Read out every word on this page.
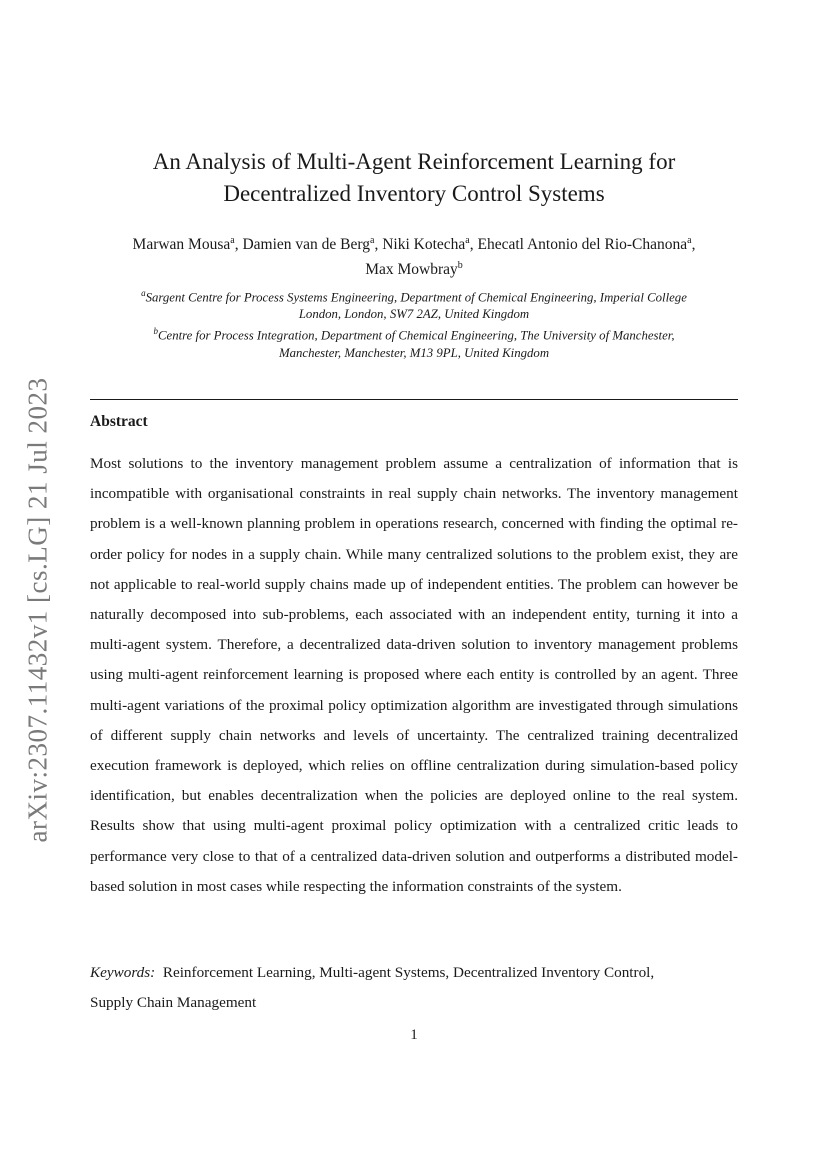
arXiv:2307.11432v1 [cs.LG] 21 Jul 2023
An Analysis of Multi-Agent Reinforcement Learning for
Decentralized Inventory Control Systems
Marwan Mousa$^a$, Damien van de Berg$^a$, Niki Kotecha$^a$, Ehecatl Antonio del Rio-Chanona$^a$,
Max Mowbray$^b$
$^a$Sargent Centre for Process Systems Engineering, Department of Chemical Engineering, Imperial College
London, London, SW7 2AZ, United Kingdom
$^b$Centre for Process Integration, Department of Chemical Engineering, The University of Manchester,
Manchester, Manchester, M13 9PL, United Kingdom
Abstract

Most solutions to the inventory management problem assume a centralization of information that is incompatible with organisational constraints in real supply chain networks. The inventory management problem is a well-known planning problem in operations research, concerned with finding the optimal re-order policy for nodes in a supply chain. While many centralized solutions to the problem exist, they are not applicable to real-world supply chains made up of independent entities. The problem can however be naturally decomposed into sub-problems, each associated with an independent entity, turning it into a multi-agent system. Therefore, a decentralized data-driven solution to inventory management problems using multi-agent reinforcement learning is proposed where each entity is controlled by an agent. Three multi-agent variations of the proximal policy optimization algorithm are investigated through simulations of different supply chain networks and levels of uncertainty. The centralized training decentralized execution framework is deployed, which relies on offline centralization during simulation-based policy identification, but enables decentralization when the policies are deployed online to the real system. Results show that using multi-agent proximal policy optimization with a centralized critic leads to performance very close to that of a centralized data-driven solution and outperforms a distributed model-based solution in most cases while respecting the information constraints of the system.

Keywords: Reinforcement Learning, Multi-agent Systems, Decentralized Inventory Control, Supply Chain Management
1
